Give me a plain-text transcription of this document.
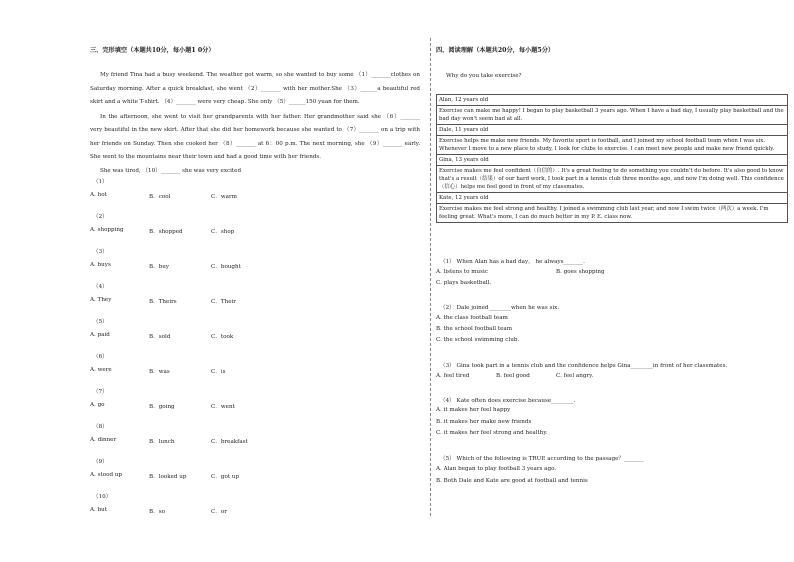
三、完形填空（本题共10分，每小题1 0分）

My friend Tina had a busy weekend. The weather got warm, so she wanted to buy some （1）_______clothes on Saturday morning. After a quick breakfast, she went （2）_______ with her mother.She （3）______a beautiful red skirt and a white T-shirt. （4）_______ were very cheap. She only （5）______150 yuan for them.

In the afternoon, she went to visit her grandparents with her father. Her grandmother said she （6）_______ very beautiful in the new skirt. After that she did her homework because she wanted to （7）_______ on a trip with her friends on Sunday. Then she cooked her （8）_______ at 6：00 p.m. The next morning, she （9）_______ early. She went to the mountains near their town and had a good time with her friends.

She was tired, （10）_______ she was very excited

（1）
A. hot	B．cool	C．warm
（2）
A. shopping	B．shopped	C．shop
（3）
A. buys	B．buy	C．bought
（4）
A. They	B．Theirs	C．Their
（5）
A. paid	B．sold	C．took
（6）
A. were	B．was	C．is
（7）
A. go	B．going	C．went
（8）
A. dinner	B．lunch	C．breakfast
（9）
A. stood up	B．looked up	C．got up
（10）
A. but	B．so	C．or
四、阅读理解（本题共20分，每小题5分）
Why do you take exercise?
Alan, 12 years old
Exercise can make me happy! I began to play basketball 3 years ago. When I have a bad day, I usually play basketball and the bad day won't seem bad at all.
Dale, 11 years old
Exercise helps me make new friends. My favorite sport is football, and I joined my school football team when I was six. Whenever I move to a new place to study, I look for clubs to exercise. I can meet new people and make new friend quickly.
Gina, 13 years old
Exercise makes me feel confident（自信的）. It's a great feeling to do something you couldn't do before. It's also good to know that's a result（结果）of our hard work, I took part in a tennis club three months ago, and now I'm doing well. This confidence（信心）helps me feel good in front of my classmates.
Kate, 12 years old
Exercise makes me feel strong and healthy. I joined a swimming club last year, and now I swim twice（两次）a week. I'm feeling great. What's more, I can do much better in my P. E. class now.
（1） When Alan has a bad day， he always_______.
A. listens to music	B. goes shopping
C. plays basketball.
（2） Dale joined________when he was six.
A. the class football team
B. the school football team
C. the school swimming club.
（3） Gina took part in a tennis club and the confidence helps Gina________in front of her classmates.
A. feel tired	B. feel good	C. feel angry.
（4） Kate often does exercise because________.
A. it makes her feel happy
B. it makes her make new friends
C. it makes her feel strong and healthy.
（5） Which of the following is TRUE according to the passage？_______
A. Alan began to play football 3 years ago.
B. Both Dale and Kate are good at football and tennis
